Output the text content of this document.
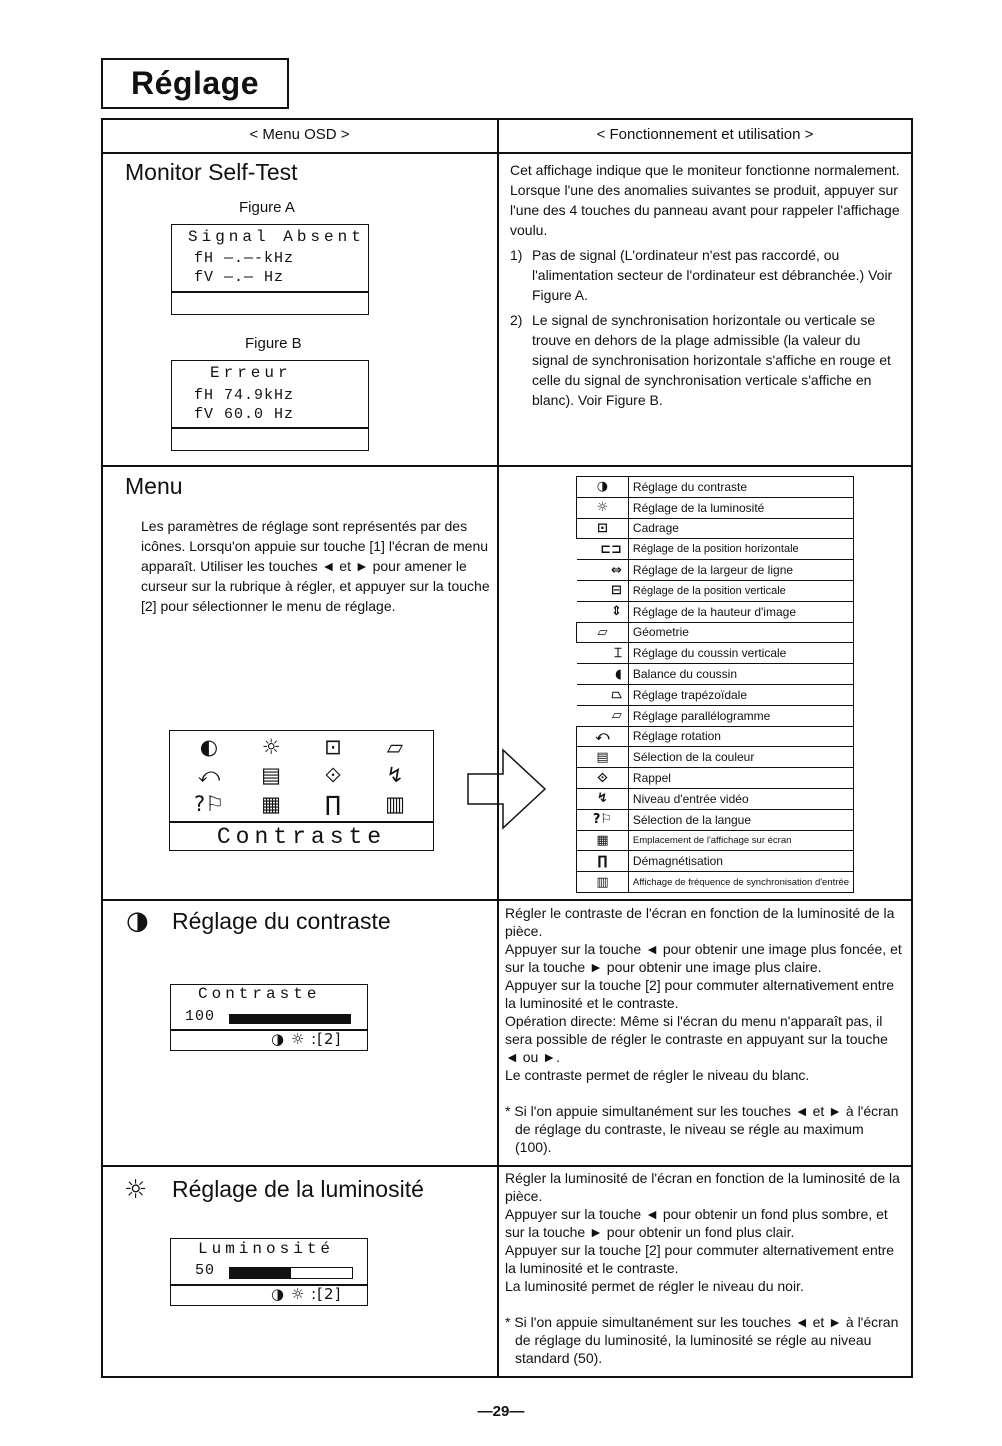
Réglage
< Menu OSD >	< Fonctionnement et utilisation >
Monitor Self-Test
Figure A
Signal Absent
fH —.—-kHz
fV —.— Hz
Figure B
Erreur
fH 74.9kHz
fV 60.0 Hz
Cet affichage indique que le moniteur fonctionne normalement.
Lorsque l'une des anomalies suivantes se produit, appuyer sur l'une des 4 touches du panneau avant pour rappeler l'affichage voulu.
1) Pas de signal (L'ordinateur n'est pas raccordé, ou l'alimentation secteur de l'ordinateur est débranchée.) Voir Figure A.
2) Le signal de synchronisation horizontale ou verticale se trouve en dehors de la plage admissible (la valeur du signal de synchronisation horizontale s'affiche en rouge et celle du signal de synchronisation verticale s'affiche en blanc). Voir Figure B.
Menu
Les paramètres de réglage sont représentés par des icônes. Lorsqu'on appuie sur touche [1] l'écran de menu apparaît. Utiliser les touches ◄ et ► pour amener le curseur sur la rubrique à régler, et appuyer sur la touche [2] pour sélectionner le menu de réglage.
◐	☼	⊡	▱
⤺	▤	⟐	↯
?⚐	▦	∏	▥
Contraste
◑	Réglage du contraste
☼	Réglage de la luminosité
⊡	Cadrage
⊏⊐	Réglage de la position horizontale
⇔	Réglage de la largeur de ligne
⊟	Réglage de la position verticale
⇕	Réglage de la hauteur d'image
▱	Géometrie
⌶	Réglage du coussin verticale
◖	Balance du coussin
⏢	Réglage trapézoïdale
▱	Réglage parallélogramme
⤺	Réglage rotation
▤	Sélection de la couleur
⟐	Rappel
↯	Niveau d'entrée vidéo
?⚐	Sélection de la langue
▦	Emplacement de l'affichage sur écran
∏	Démagnétisation
▥	Affichage de fréquence de synchronisation d'entrée
◑ Réglage du contraste
Contraste
100
◑ ☼ :[2]
Régler le contraste de l'écran en fonction de la luminosité de la pièce.
Appuyer sur la touche ◄ pour obtenir une image plus foncée, et sur la touche ► pour obtenir une image plus claire.
Appuyer sur la touche [2] pour commuter alternativement entre la luminosité et le contraste.
Opération directe: Même si l'écran du menu n'apparaît pas, il sera possible de régler le contraste en appuyant sur la touche ◄ ou ►.
Le contraste permet de régler le niveau du blanc.
* Si l'on appuie simultanément sur les touches ◄ et ► à l'écran de réglage du contraste, le niveau se régle au maximum (100).
☼ Réglage de la luminosité
Luminosité
50
◑ ☼ :[2]
Régler la luminosité de l'écran en fonction de la luminosité de la pièce.
Appuyer sur la touche ◄ pour obtenir un fond plus sombre, et sur la touche ► pour obtenir un fond plus clair.
Appuyer sur la touche [2] pour commuter alternativement entre la luminosité et le contraste.
La luminosité permet de régler le niveau du noir.
* Si l'on appuie simultanément sur les touches ◄ et ► à l'écran de réglage du luminosité, la luminosité se régle au niveau standard (50).
—29—
